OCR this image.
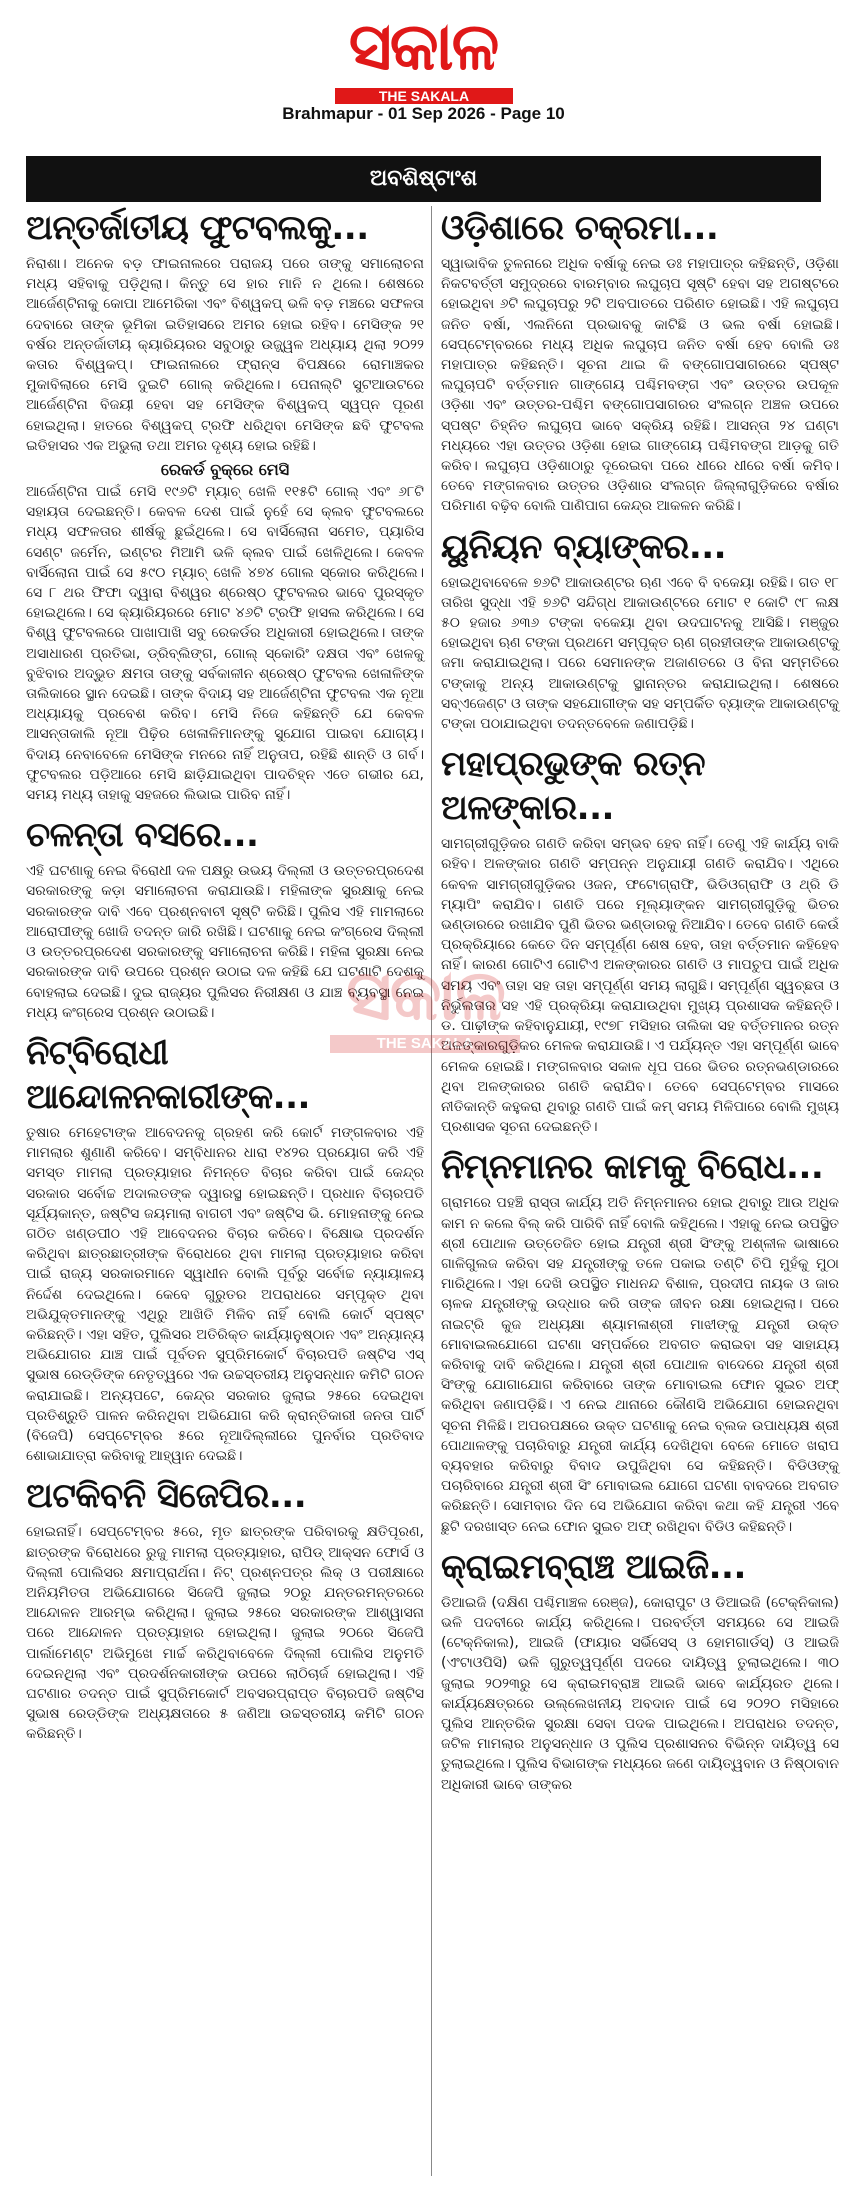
ସକାଳ
THE SAKALA
Brahmapur - 01 Sep 2026 - Page 10
ଅବଶିଷ୍ଟାଂଶ
ଅନ୍ତର୍ଜାତୀୟ ଫୁଟବଲକୁ...

ନିରାଶା। ଅନେକ ବଡ଼ ଫାଇନାଲରେ ପରାଜୟ ପରେ ତାଙ୍କୁ ସମାଲୋଚନା ମଧ୍ୟ ସହିବାକୁ ପଡ଼ିଥିଲା। କିନ୍ତୁ ସେ ହାର ମାନି ନ ଥିଲେ। ଶେଷରେ ଆର୍ଜେଣ୍ଟିନାକୁ କୋପା ଆମେରିକା ଏବଂ ବିଶ୍ୱକପ୍ ଭଳି ବଡ଼ ମଞ୍ଚରେ ସଫଳତା ଦେବାରେ ତାଙ୍କ ଭୂମିକା ଇତିହାସରେ ଅମର ହୋଇ ରହିବ। ମେସିଙ୍କ ୨୧ ବର୍ଷର ଅନ୍ତର୍ଜାତୀୟ କ୍ୟାରିୟରର ସବୁଠାରୁ ଉଜ୍ଜ୍ୱଳ ଅଧ୍ୟାୟ ଥିଲା ୨୦୨୨ କତାର ବିଶ୍ୱକପ୍। ଫାଇନାଲରେ ଫ୍ରାନ୍ସ ବିପକ୍ଷରେ ରୋମାଞ୍ଚକର ମୁକାବିଲାରେ ମେସି ଦୁଇଟି ଗୋଲ୍ କରିଥିଲେ। ପେନାଲ୍ଟି ସୁଟଆଉଟରେ ଆର୍ଜେଣ୍ଟିନା ବିଜୟୀ ହେବା ସହ ମେସିଙ୍କ ବିଶ୍ୱକପ୍ ସ୍ୱପ୍ନ ପୂରଣ ହୋଇଥିଲା। ହାତରେ ବିଶ୍ୱକପ୍ ଟ୍ରଫି ଧରିଥିବା ମେସିଙ୍କ ଛବି ଫୁଟବଲ ଇତିହାସର ଏକ ଅଭୁଲା ତଥା ଅମର ଦୃଶ୍ୟ ହୋଇ ରହିଛି।

ରେକର୍ଡ ବୁକ୍‌ରେ ମେସି

ଆର୍ଜେଣ୍ଟିନା ପାଇଁ ମେସି ୧୯୬ଟି ମ୍ୟାଚ୍ ଖେଳି ୧୧୫ଟି ଗୋଲ୍ ଏବଂ ୬୮ଟି ସହାୟତା ଦେଇଛନ୍ତି। କେବଳ ଦେଶ ପାଇଁ ନୁହେଁ ସେ କ୍ଲବ ଫୁଟବଲରେ ମଧ୍ୟ ସଫଳତାର ଶୀର୍ଷକୁ ଛୁଇଁଥିଲେ। ସେ ବାର୍ସିଲୋନା ସମେତ, ପ୍ୟାରିସ ସେଣ୍ଟ ଜର୍ମେନ, ଇଣ୍ଟର ମିଆମି ଭଳି କ୍ଲବ ପାଇଁ ଖେଳିଥିଲେ। କେବଳ ବାର୍ସିଲୋନା ପାଇଁ ସେ ୫୯୦ ମ୍ୟାଚ୍ ଖେଳି ୪୭୪ ଗୋଲ ସ୍କୋର କରିଥିଲେ। ସେ ୮ ଥର ଫିଫା ଦ୍ୱାରା ବିଶ୍ୱର ଶ୍ରେଷ୍ଠ ଫୁଟବଲର ଭାବେ ପୁରସ୍କୃତ ହୋଇଥିଲେ। ସେ କ୍ୟାରିୟରରେ ମୋଟ ୪୬ଟି ଟ୍ରଫି ହାସଲ କରିଥିଲେ। ସେ ବିଶ୍ୱ ଫୁଟବଲରେ ପାଖାପାଖି ସବୁ ରେକର୍ଡର ଅଧିକାରୀ ହୋଇଥିଲେ। ତାଙ୍କ ଅସାଧାରଣ ପ୍ରତିଭା, ଡ୍ରିବ୍ଲିଙ୍ଗ, ଗୋଲ୍ ସ୍କୋରିଂ ଦକ୍ଷତା ଏବଂ ଖେଳକୁ ବୁଝିବାର ଅଦ୍ଭୁତ କ୍ଷମତା ତାଙ୍କୁ ସର୍ବକାଳୀନ ଶ୍ରେଷ୍ଠ ଫୁଟବଲ ଖେଳାଳିଙ୍କ ତାଲିକାରେ ସ୍ଥାନ ଦେଇଛି। ତାଙ୍କ ବିଦାୟ ସହ ଆର୍ଜେଣ୍ଟିନା ଫୁଟବଲ ଏକ ନୂଆ ଅଧ୍ୟାୟକୁ ପ୍ରବେଶ କରିବ। ମେସି ନିଜେ କହିଛନ୍ତି ଯେ କେବଳ ଆସନ୍ତାକାଲି ନୂଆ ପିଢ଼ିର ଖେଳାଳିମାନଙ୍କୁ ସୁଯୋଗ ପାଇବା ଯୋଗ୍ୟ। ବିଦାୟ ନେବାବେଳେ ମେସିଙ୍କ ମନରେ ନାହିଁ ଅନୁତାପ, ରହିଛି ଶାନ୍ତି ଓ ଗର୍ବ। ଫୁଟବଲର ପଡ଼ିଆରେ ମେସି ଛାଡ଼ିଯାଇଥିବା ପାଦଚିହ୍ନ ଏତେ ଗଭୀର ଯେ, ସମୟ ମଧ୍ୟ ତାହାକୁ ସହଜରେ ଲିଭାଇ ପାରିବ ନାହିଁ।

ଚଳନ୍ତା ବସରେ...

ଏହି ଘଟଣାକୁ ନେଇ ବିରୋଧୀ ଦଳ ପକ୍ଷରୁ ଉଭୟ ଦିଲ୍ଲୀ ଓ ଉତ୍ତରପ୍ରଦେଶ ସରକାରଙ୍କୁ କଡ଼ା ସମାଲୋଚନା କରାଯାଉଛି। ମହିଳାଙ୍କ ସୁରକ୍ଷାକୁ ନେଇ ସରକାରଙ୍କ ଦାବି ଏବେ ପ୍ରଶ୍ନବାଚୀ ସୃଷ୍ଟି କରିଛି। ପୁଲିସ ଏହି ମାମଲାରେ ଆରୋପୀଙ୍କୁ ଖୋଜି ତଦନ୍ତ ଜାରି ରଖିଛି। ଘଟଣାକୁ ନେଇ କଂଗ୍ରେସ ଦିଲ୍ଲୀ ଓ ଉତ୍ତରପ୍ରଦେଶ ସରକାରଙ୍କୁ ସମାଲୋଚନା କରିଛି। ମହିଳା ସୁରକ୍ଷା ନେଇ ସରକାରଙ୍କ ଦାବି ଉପରେ ପ୍ରଶ୍ନ ଉଠାଇ ଦଳ କହିଛି ଯେ ଘଟଣାଟି ଦେଶକୁ ବୋହଲାଇ ଦେଇଛି। ଦୁଇ ରାଜ୍ୟର ପୁଲିସର ନିରୀକ୍ଷଣ ଓ ଯାଞ୍ଚ ବ୍ୟବସ୍ଥା ନେଇ ମଧ୍ୟ କଂଗ୍ରେସ ପ୍ରଶ୍ନ ଉଠାଇଛି।

ନିଟ୍‌ବିରୋଧୀ ଆନ୍ଦୋଳନକାରୀଙ୍କ...

ତୁଷାର ମେହେଟାଙ୍କ ଆବେଦନକୁ ଗ୍ରହଣ କରି କୋର୍ଟ ମଙ୍ଗଳବାର ଏହି ମାମଲାର ଶୁଣାଣି କରିବେ। ସମ୍ବିଧାନର ଧାରା ୧୪୨ର ପ୍ରୟୋଗ କରି ଏହି ସମସ୍ତ ମାମଲା ପ୍ରତ୍ୟାହାର ନିମନ୍ତେ ବିଚାର କରିବା ପାଇଁ କେନ୍ଦ୍ର ସରକାର ସର୍ବୋଚ୍ଚ ଅଦାଲତଙ୍କ ଦ୍ୱାରସ୍ଥ ହୋଇଛନ୍ତି। ପ୍ରଧାନ ବିଚାରପତି ସୂର୍ଯ୍ୟକାନ୍ତ, ଜଷ୍ଟିସ ଜୟମାଲା ବାଗଚୀ ଏବଂ ଜଷ୍ଟିସ ଭି. ମୋହନାଙ୍କୁ ନେଇ ଗଠିତ ଖଣ୍ଡପୀଠ ଏହି ଆବେଦନର ବିଚାର କରିବେ। ବିକ୍ଷୋଭ ପ୍ରଦର୍ଶନ କରିଥିବା ଛାତ୍ରଛାତ୍ରୀଙ୍କ ବିରୋଧରେ ଥିବା ମାମଲା ପ୍ରତ୍ୟାହାର କରିବା ପାଇଁ ରାଜ୍ୟ ସରକାରମାନେ ସ୍ୱାଧୀନ ବୋଲି ପୂର୍ବରୁ ସର୍ବୋଚ୍ଚ ନ୍ୟାୟାଳୟ ନିର୍ଦ୍ଦେଶ ଦେଇଥିଲେ। କେବେ ଗୁରୁତର ଅପରାଧରେ ସମ୍ପୃକ୍ତ ଥିବା ଅଭିଯୁକ୍ତମାନଙ୍କୁ ଏଥିରୁ ଆଖିତି ମିଳିବ ନାହିଁ ବୋଲି କୋର୍ଟ ସ୍ପଷ୍ଟ କରିଛନ୍ତି। ଏହା ସହିତ, ପୁଲିସର ଅତିରିକ୍ତ କାର୍ଯ୍ୟାନୁଷ୍ଠାନ ଏବଂ ଅନ୍ୟାନ୍ୟ ଅଭିଯୋଗର ଯାଞ୍ଚ ପାଇଁ ପୂର୍ବତନ ସୁପ୍ରିମକୋର୍ଟ ବିଚାରପତି ଜଷ୍ଟିସ ଏସ୍ ସୁଭାଷ ରେଡ୍ଡିଙ୍କ ନେତୃତ୍ୱରେ ଏକ ଉଚ୍ଚସ୍ତରୀୟ ଅନୁସନ୍ଧାନ କମିଟି ଗଠନ କରାଯାଇଛି। ଅନ୍ୟପଟେ, କେନ୍ଦ୍ର ସରକାର ଜୁଲାଇ ୨୫ରେ ଦେଇଥିବା ପ୍ରତିଶ୍ରୁତି ପାଳନ କରିନଥିବା ଅଭିଯୋଗ କରି କ୍ରାନ୍ତିକାରୀ ଜନତା ପାର୍ଟି (ବିଜେପି) ସେପ୍ଟେମ୍ବର ୫ରେ ନୂଆଦିଲ୍ଲୀରେ ପୁନର୍ବାର ପ୍ରତିବାଦ ଶୋଭାଯାତ୍ରା କରିବାକୁ ଆହ୍ୱାନ ଦେଇଛି।

ଅଟକିବନି ସିଜେପିର...

ହୋଇନାହିଁ। ସେପ୍ଟେମ୍ବର ୫ରେ, ମୃତ ଛାତ୍ରଙ୍କ ପରିବାରକୁ କ୍ଷତିପୂରଣ, ଛାତ୍ରଙ୍କ ବିରୋଧରେ ରୁଜୁ ମାମଲା ପ୍ରତ୍ୟାହାର, ରାପିଡ୍ ଆକ୍ସନ ଫୋର୍ସ ଓ ଦିଲ୍ଲୀ ପୋଲିସର କ୍ଷମାପ୍ରାର୍ଥନା। ନିଟ୍ ପ୍ରଶ୍ନପତ୍ର ଲିକ୍ ଓ ପରୀକ୍ଷାରେ ଅନିୟମିତତା ଅଭିଯୋଗରେ ସିଜେପି ଜୁଲାଇ ୨୦ରୁ ଯନ୍ତରମନ୍ତରରେ ଆନ୍ଦୋଳନ ଆରମ୍ଭ କରିଥିଲା। ଜୁଲାଇ ୨୫ରେ ସରକାରଙ୍କ ଆଶ୍ୱାସନା ପରେ ଆନ୍ଦୋଳନ ପ୍ରତ୍ୟାହାର ହୋଇଥିଲା। ଜୁଲାଇ ୨୦ରେ ସିଜେପି ପାର୍ଲାମେଣ୍ଟ ଅଭିମୁଖେ ମାର୍ଚ୍ଚ କରିଥିବାବେଳେ ଦିଲ୍ଲୀ ପୋଲିସ ଅନୁମତି ଦେଇନଥିଲା ଏବଂ ପ୍ରଦର୍ଶନକାରୀଙ୍କ ଉପରେ ଲାଠିଚାର୍ଜ ହୋଇଥିଲା। ଏହି ଘଟଣାର ତଦନ୍ତ ପାଇଁ ସୁପ୍ରିମକୋର୍ଟ ଅବସରପ୍ରାପ୍ତ ବିଚାରପତି ଜଷ୍ଟିସ ସୁଭାଷ ରେଡ୍ଡିଙ୍କ ଅଧ୍ୟକ୍ଷତାରେ ୫ ଜଣିଆ ଉଚ୍ଚସ୍ତରୀୟ କମିଟି ଗଠନ କରିଛନ୍ତି।

ଓଡ଼ିଶାରେ ଚକ୍ରମା...

ସ୍ୱାଭାବିକ ତୁଳନାରେ ଅଧିକ ବର୍ଷାକୁ ନେଇ ଡଃ ମହାପାତ୍ର କହିଛନ୍ତି, ଓଡ଼ିଶା ନିକଟବର୍ତ୍ତୀ ସମୁଦ୍ରରେ ବାରମ୍ବାର ଲଘୁଚାପ ସୃଷ୍ଟି ହେବା ସହ ଅଗଷ୍ଟରେ ହୋଇଥିବା ୬ଟି ଲଘୁଚାପରୁ ୨ଟି ଅବପାତରେ ପରିଣତ ହୋଇଛି। ଏହି ଲଘୁଚାପ ଜନିତ ବର୍ଷା, ଏଲନିନୋ ପ୍ରଭାବକୁ କାଟିଛି ଓ ଭଲ ବର୍ଷା ହୋଇଛି। ସେପ୍ଟେମ୍ବରରେ ମଧ୍ୟ ଅଧିକ ଲଘୁଚାପ ଜନିତ ବର୍ଷା ହେବ ବୋଲି ଡଃ ମହାପାତ୍ର କହିଛନ୍ତି। ସୂଚନା ଥାଇ କି ବଙ୍ଗୋପସାଗରରେ ସ୍ପଷ୍ଟ ଲଘୁଚାପଟି ବର୍ତ୍ତମାନ ଗାଙ୍ଗେୟ ପଶ୍ଚିମବଙ୍ଗ ଏବଂ ଉତ୍ତର ଉପକୂଳ ଓଡ଼ିଶା ଏବଂ ଉତ୍ତର-ପଶ୍ଚିମ ବଙ୍ଗୋପସାଗରର ସଂଲଗ୍ନ ଅଞ୍ଚଳ ଉପରେ ସ୍ପଷ୍ଟ ଚିହ୍ନିତ ଲଘୁଚାପ ଭାବେ ସକ୍ରିୟ ରହିଛି। ଆସନ୍ତା ୨୪ ଘଣ୍ଟା ମଧ୍ୟରେ ଏହା ଉତ୍ତର ଓଡ଼ିଶା ହୋଇ ଗାଙ୍ଗେୟ ପଶ୍ଚିମବଙ୍ଗ ଆଡ଼କୁ ଗତି କରିବ। ଲଘୁଚାପ ଓଡ଼ିଶାଠାରୁ ଦୂରେଇବା ପରେ ଧୀରେ ଧୀରେ ବର୍ଷା କମିବ। ତେବେ ମଙ୍ଗଳବାର ଉତ୍ତର ଓଡ଼ିଶାର ସଂଲଗ୍ନ ଜିଲ୍ଲାଗୁଡ଼ିକରେ ବର୍ଷାର ପରିମାଣ ବଢ଼ିବ ବୋଲି ପାଣିପାଗ କେନ୍ଦ୍ର ଆକଳନ କରିଛି।

ୟୁନିୟନ ବ୍ୟାଙ୍କର...

ହୋଇଥିବାବେଳେ ୭୬ଟି ଆକାଉଣ୍ଟର ଋଣ ଏବେ ବି ବକେୟା ରହିଛି। ଗତ ୧୮ ତାରିଖ ସୁଦ୍ଧା ଏହି ୭୬ଟି ସନ୍ଦିଗ୍ଧ ଆକାଉଣ୍ଟରେ ମୋଟ ୧ କୋଟି ୯୮ ଲକ୍ଷ ୫୦ ହଜାର ୬୩୬ ଟଙ୍କା ବକେୟା ଥିବା ଉଦଘାଟନକୁ ଆସିଛି। ମଞ୍ଜୁର ହୋଇଥିବା ଋଣ ଟଙ୍କା ପ୍ରଥମେ ସମ୍ପୃକ୍ତ ଋଣ ଗ୍ରହୀତାଙ୍କ ଆକାଉଣ୍ଟକୁ ଜମା କରାଯାଇଥିଲା। ପରେ ସେମାନଙ୍କ ଅଜାଣତରେ ଓ ବିନା ସମ୍ମତିରେ ଟଙ୍କାକୁ ଅନ୍ୟ ଆକାଉଣ୍ଟକୁ ସ୍ଥାନାନ୍ତର କରାଯାଇଥିଲା। ଶେଷରେ ସବ୍‌ଏଜେଣ୍ଟ ଓ ତାଙ୍କ ସହଯୋଗୀଙ୍କ ସହ ସମ୍ପର୍କିତ ବ୍ୟାଙ୍କ ଆକାଉଣ୍ଟକୁ ଟଙ୍କା ପଠାଯାଇଥିବା ତଦନ୍ତବେଳେ ଜଣାପଡ଼ିଛି।

ମହାପ୍ରଭୁଙ୍କ ରତ୍ନ ଅଳଙ୍କାର...

ସାମଗ୍ରୀଗୁଡ଼ିକର ଗଣତି କରିବା ସମ୍ଭବ ହେବ ନାହିଁ। ତେଣୁ ଏହି କାର୍ଯ୍ୟ ବାକି ରହିବ। ଅଳଙ୍କାର ଗଣତି ସମ୍ପନ୍ନ ଅନୁଯାୟୀ ଗଣତି କରାଯିବ। ଏଥିରେ କେବଳ ସାମଗ୍ରୀଗୁଡ଼ିକର ଓଜନ, ଫଟୋଗ୍ରାଫି, ଭିଡିଓଗ୍ରାଫି ଓ ଥ୍ରି ଡି ମ୍ୟାପିଂ କରାଯିବ। ଗଣତି ପରେ ମୂଲ୍ୟାଙ୍କନ ସାମଗ୍ରୀଗୁଡ଼ିକୁ ଭିତର ଭଣ୍ଡାରରେ ରଖାଯିବ ପୁଣି ଭିତର ଭଣ୍ଡାରକୁ ନିଆଯିବ। ତେବେ ଗଣତି କେଉଁ ପ୍ରକ୍ରିୟାରେ କେତେ ଦିନ ସମ୍ପୂର୍ଣ୍ଣ ଶେଷ ହେବ, ତାହା ବର୍ତ୍ତମାନ କହିହେବ ନାହିଁ। କାରଣ ଗୋଟିଏ ଗୋଟିଏ ଅଳଙ୍କାରର ଗଣତି ଓ ମାପଚୁପ ପାଇଁ ଅଧିକ ସମୟ ଏବଂ ତାହା ସହ ତାହା ସମ୍ପୂର୍ଣ୍ଣ ସମୟ ଲାଗୁଛି। ସମ୍ପୂର୍ଣ୍ଣ ସ୍ୱଚ୍ଛତା ଓ ନିର୍ଭୁଲତାର ସହ ଏହି ପ୍ରକ୍ରିୟା କରାଯାଉଥିବା ମୁଖ୍ୟ ପ୍ରଶାସକ କହିଛନ୍ତି। ଡ. ପାଢ଼ୀଙ୍କ କହିବାନୁଯାୟୀ, ୧୯୭୮ ମସିହାର ତାଲିକା ସହ ବର୍ତ୍ତମାନର ରତ୍ନ ଅଳଙ୍କାରଗୁଡ଼ିକର ମେଳକ କରାଯାଉଛି। ଏ ପର୍ଯ୍ୟନ୍ତ ଏହା ସମ୍ପୂର୍ଣ୍ଣ ଭାବେ ମେଳକ ହୋଇଛି। ମଙ୍ଗଳବାର ସକାଳ ଧୂପ ପରେ ଭିତର ରତ୍ନଭଣ୍ଡାରରେ ଥିବା ଅଳଙ୍କାରର ଗଣତି କରାଯିବ। ତେବେ ସେପ୍ଟେମ୍ବର ମାସରେ ନୀତିକାନ୍ତି କହୁକରା ଥିବାରୁ ଗଣତି ପାଇଁ କମ୍ ସମୟ ମିଳିପାରେ ବୋଲି ମୁଖ୍ୟ ପ୍ରଶାସକ ସୂଚନା ଦେଇଛନ୍ତି।

ନିମ୍ନମାନର କାମକୁ ବିରୋଧ...

ଗ୍ରାମରେ ପହଞ୍ଚି ରାସ୍ତା କାର୍ଯ୍ୟ ଅତି ନିମ୍ନମାନର ହୋଇ ଥିବାରୁ ଆଉ ଅଧିକ କାମ ନ କଲେ ବିଲ୍ କରି ପାରିବି ନାହିଁ ବୋଲି କହିଥିଲେ। ଏହାକୁ ନେଇ ଉପସ୍ଥିତ ଶ୍ରୀ ପୋଥାଳ ଉତ୍ତେଜିତ ହୋଇ ଯନ୍ତ୍ରୀ ଶ୍ରୀ ସିଂଙ୍କୁ ଅଶ୍ଳୀଳ ଭାଷାରେ ଗାଳିଗୁଲଜ କରିବା ସହ ଯନ୍ତ୍ରୀଙ୍କୁ ତଳେ ପକାଇ ତଣ୍ଟି ଚିପି ମୁହଁକୁ ମୁଠା ମାରିଥିଲେ। ଏହା ଦେଖି ଉପସ୍ଥିତ ମାଧନନ୍ଦ ବିଶାଳ, ପ୍ରଦୀପ ନାୟକ ଓ ଜାର ଚାଳକ ଯନ୍ତ୍ରୀଙ୍କୁ ଉଦ୍ଧାର କରି ତାଙ୍କ ଜୀବନ ରକ୍ଷା ହୋଇଥିଲା। ପରେ ନାଇଟ୍ରି କୁଜ ଅଧ୍ୟକ୍ଷା ଶ୍ୟାମଳାଶ୍ରୀ ମାଝୀଙ୍କୁ ଯନ୍ତ୍ରୀ ଉକ୍ତ ମୋବାଇଲଯୋଗେ ଘଟଣା ସମ୍ପର୍କରେ ଅବଗତ କରାଇବା ସହ ସାହାଯ୍ୟ କରିବାକୁ ଦାବି କରିଥିଲେ। ଯନ୍ତ୍ରୀ ଶ୍ରୀ ପୋଥାଳ ବାଦେରେ ଯନ୍ତ୍ରୀ ଶ୍ରୀ ସିଂଙ୍କୁ ଯୋଗାଯୋଗ କରିବାରେ ତାଙ୍କ ମୋବାଇଲ ଫୋନ ସୁଇଚ ଅଫ୍ କରିଥିବା ଜଣାପଡ଼ିଛି। ଏ ନେଇ ଥାନାରେ କୌଣସି ଅଭିଯୋଗ ହୋଇନଥିବା ସୂଚନା ମିଳିଛି। ଅପରପକ୍ଷରେ ଉକ୍ତ ଘଟଣାକୁ ନେଇ ବ୍ଲକ ଉପାଧ୍ୟକ୍ଷ ଶ୍ରୀ ପୋଥାଳଙ୍କୁ ପଚାରିବାରୁ ଯନ୍ତ୍ରୀ କାର୍ଯ୍ୟ ଦେଖିଥିବା ବେଳେ ମୋତେ ଖରାପ ବ୍ୟବହାର କରିବାରୁ ବିବାଦ ଉପୁଜିଥିବା ସେ କହିଛନ୍ତି। ବିଡିଓଙ୍କୁ ପଚାରିବାରେ ଯନ୍ତ୍ରୀ ଶ୍ରୀ ସିଂ ମୋବାଇଲ ଯୋଗେ ଘଟଣା ବାବଦରେ ଅବଗତ କରିଛନ୍ତି। ସୋମବାର ଦିନ ସେ ଅଭିଯୋଗ କରିବା କଥା କହି ଯନ୍ତ୍ରୀ ଏବେ ଛୁଟି ଦରଖାସ୍ତ ନେଇ ଫୋନ ସୁଇଚ ଅଫ୍ ରଖିଥିବା ବିଡିଓ କହିଛନ୍ତି।

କ୍ରାଇମବ୍ରାଞ୍ଚ ଆଇଜି...

ଡିଆଇଜି (ଦକ୍ଷିଣ ପଶ୍ଚିମାଞ୍ଚଳ ରେଞ୍ଜ), କୋରାପୁଟ ଓ ଡିଆଇଜି (ଟେକ୍ନିକାଲ) ଭଳି ପଦବୀରେ କାର୍ଯ୍ୟ କରିଥିଲେ। ପରବର୍ତ୍ତୀ ସମୟରେ ସେ ଆଇଜି (ଟେକ୍ନିକାଲ), ଆଇଜି (ଫାୟାର ସର୍ଭିସେସ୍ ଓ ହୋମଗାର୍ଡସ୍) ଓ ଆଇଜି (ଏଂଟାଓପିସି) ଭଳି ଗୁରୁତ୍ୱପୂର୍ଣ୍ଣ ପଦରେ ଦାୟିତ୍ୱ ତୁଲାଇଥିଲେ। ୩୦ ଜୁଲାଇ ୨୦୨୩ରୁ ସେ କ୍ରାଇମବ୍ରାଞ୍ଚ ଆଇଜି ଭାବେ କାର୍ଯ୍ୟରତ ଥିଲେ। କାର୍ଯ୍ୟକ୍ଷେତ୍ରରେ ଉଲ୍ଲେଖନୀୟ ଅବଦାନ ପାଇଁ ସେ ୨୦୨୦ ମସିହାରେ ପୁଲିସ ଆନ୍ତରିକ ସୁରକ୍ଷା ସେବା ପଦକ ପାଇଥିଲେ। ଅପରାଧର ତଦନ୍ତ, ଜଟିଳ ମାମଲାର ଅନୁସନ୍ଧାନ ଓ ପୁଲିସ ପ୍ରଶାସନର ବିଭିନ୍ନ ଦାୟିତ୍ୱ ସେ ତୁଲାଇଥିଲେ। ପୁଲିସ ବିଭାଗଙ୍କ ମଧ୍ୟରେ ଜଣେ ଦାୟିତ୍ୱବାନ ଓ ନିଷ୍ଠାବାନ ଅଧିକାରୀ ଭାବେ ତାଙ୍କର

ସକାଳ
THE SAKALA
